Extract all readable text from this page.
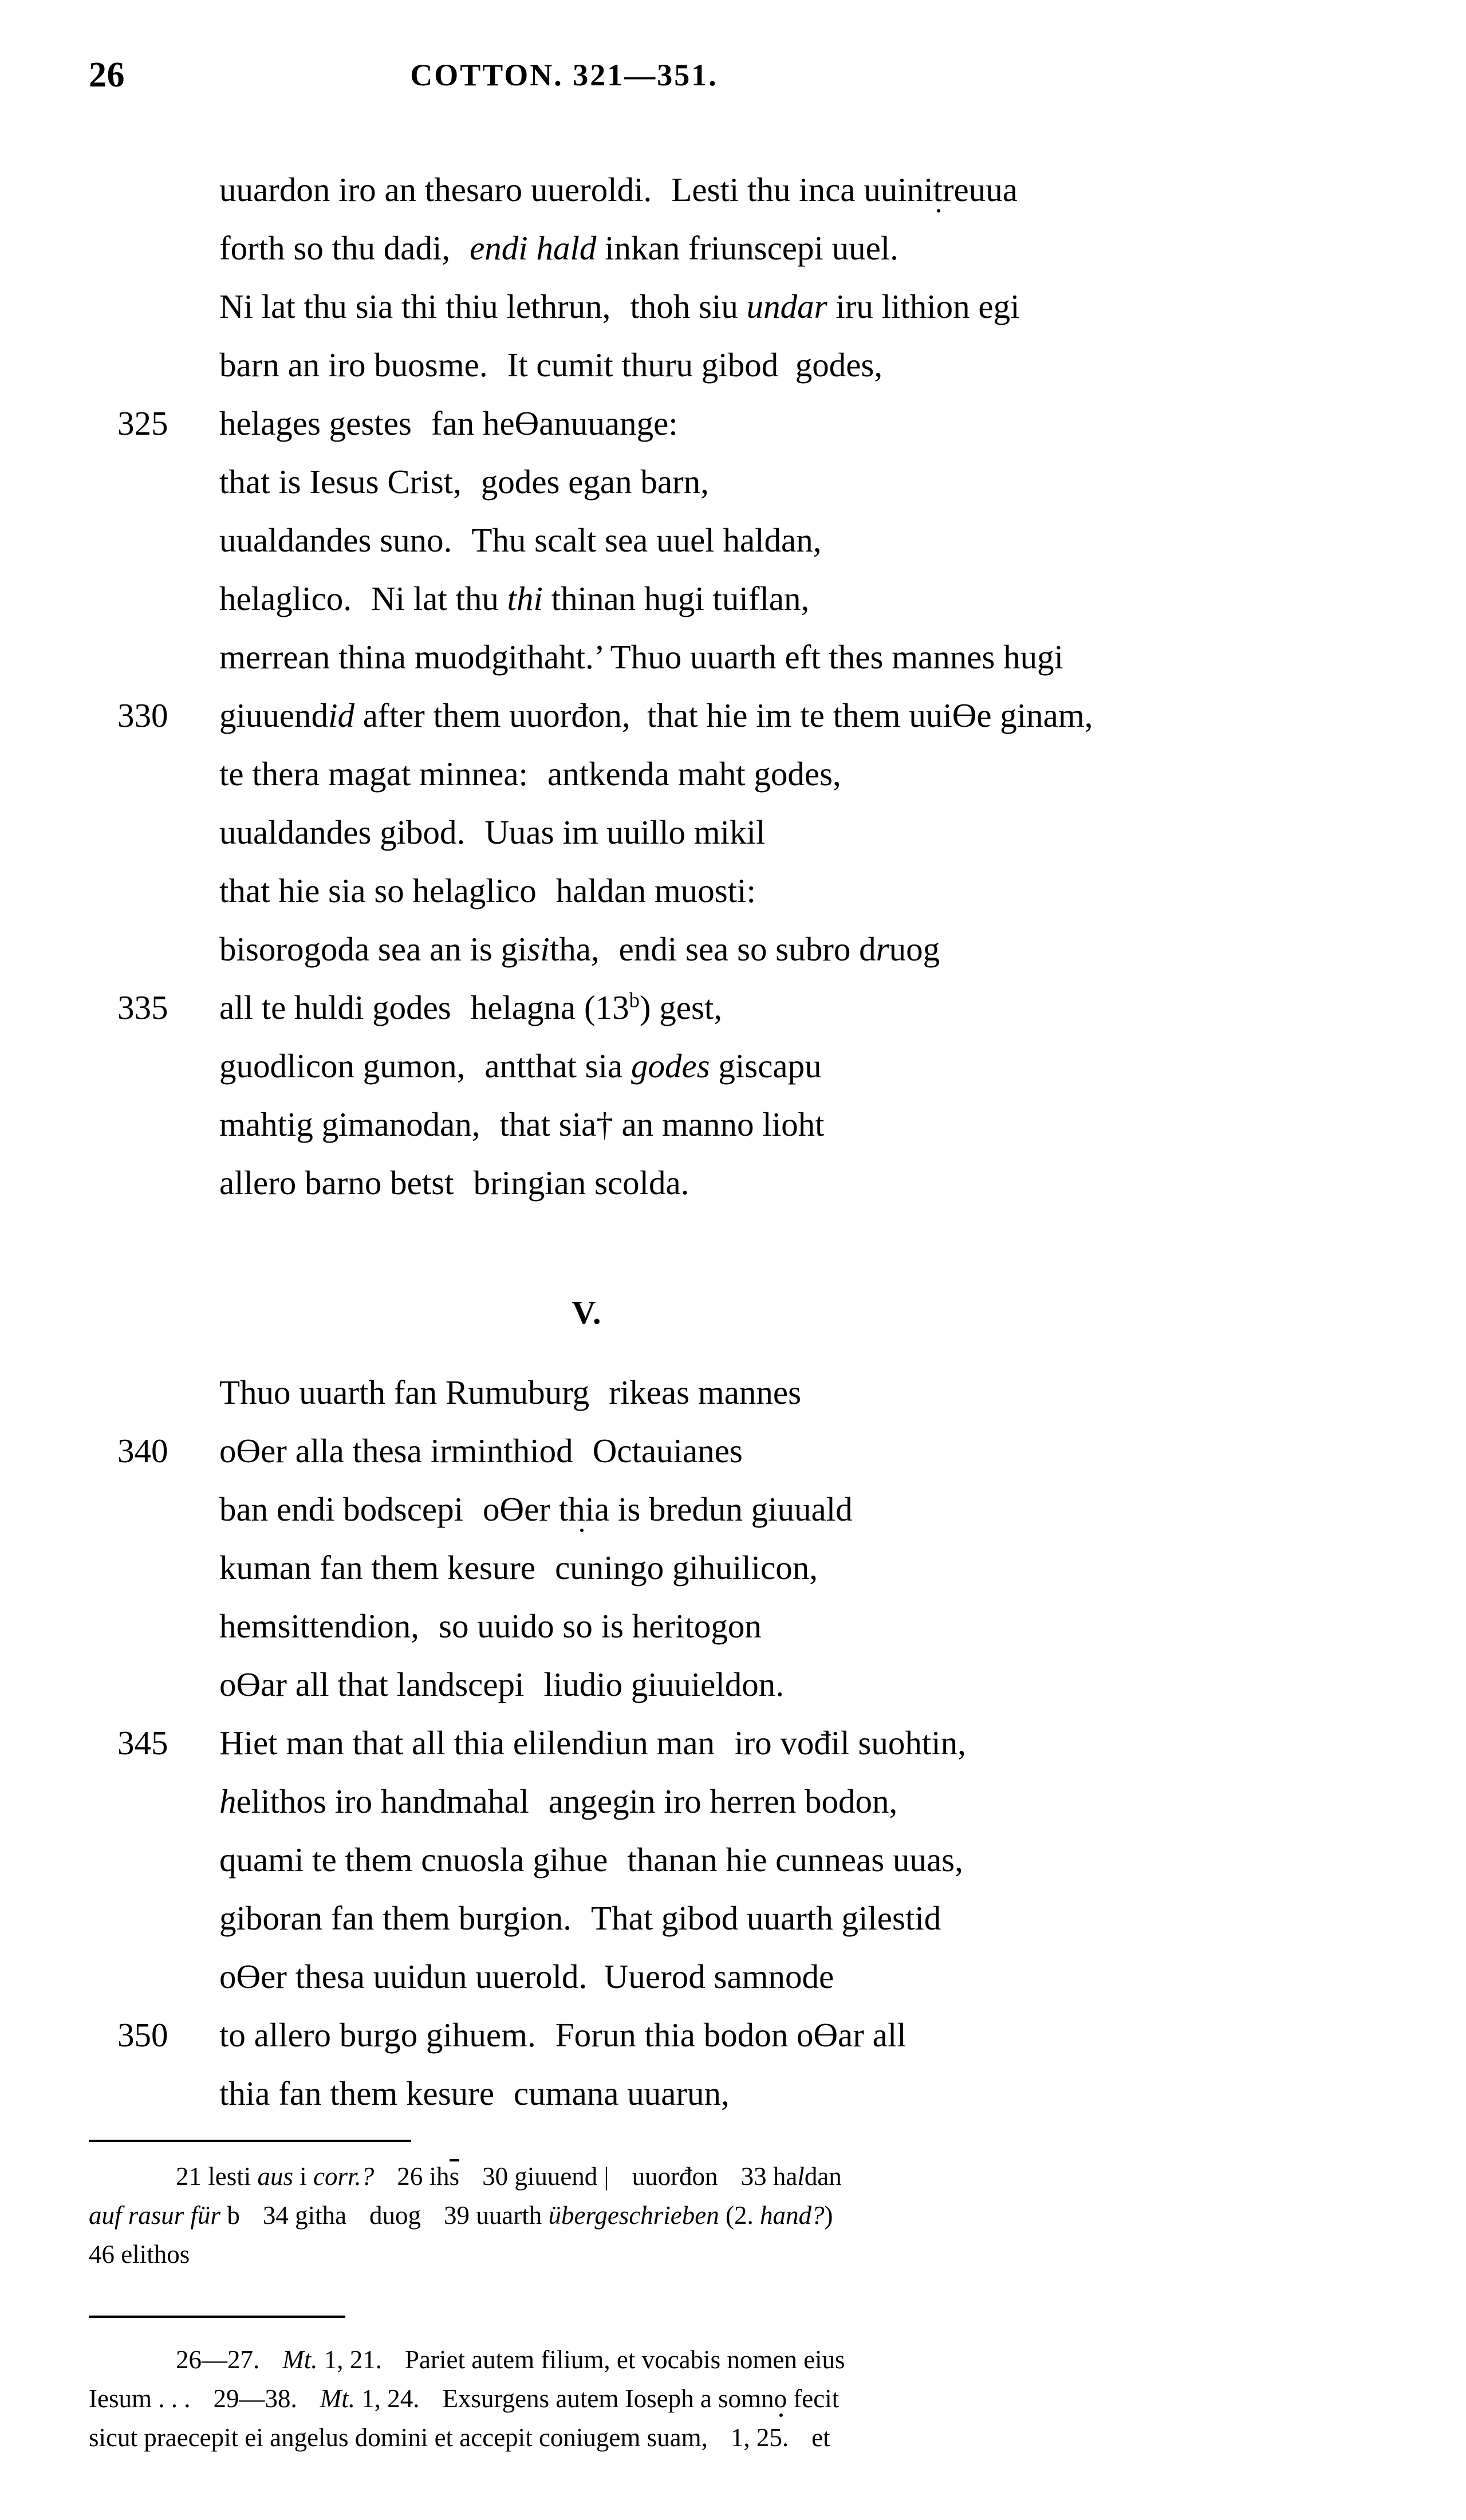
26	COTTON. 321—351.
uuardon iro an thesaro uueroldi. Lesti thu inca uuinitreuua
forth so thu dadi, endi hald inkan friunscepi uuel.
Ni lat thu sia thi thiu lethrun, thoh siu undar iru lithion egi
barn an iro buosme. It cumit thuru gibod  godes,
325	helages gestes fan heƟanuuange:
that is Iesus Crist, godes egan barn,
uualdandes suno. Thu scalt sea uuel haldan,
helaglico. Ni lat thu thi thinan hugi tuiflan,
merrean thina muodgithaht.’ Thuo uuarth eft thes mannes hugi
330	giuuendid after them uuorđon,  that hie im te them uuiƟe ginam,
te thera magat minnea: antkenda maht godes,
uualdandes gibod. Uuas im uuillo mikil
that hie sia so helaglico haldan muosti:
bisorogoda sea an is gisitha, endi sea so subro druog
335	all te huldi godes helagna (13$^b$) gest,
guodlicon gumon, antthat sia godes giscapu
mahtig gimanodan, that sia† an manno lioht
allero barno betst bringian scolda.
V.
Thuo uuarth fan Rumuburg rikeas mannes
340	oƟer alla thesa irminthiod Octauianes
ban endi bodscepi oƟer thia is bredun giuuald
kuman fan them kesure cuningo gihuilicon,
hemsittendion, so uuido so is heritogon
oƟar all that landscepi liudio giuuieldon.
345	Hiet man that all thia elilendiun man iro vođil suohtin,
helithos iro handmahal angegin iro herren bodon,
quami te them cnuosla gihue thanan hie cunneas uuas,
giboran fan them burgion. That gibod uuarth gilestid
oƟer thesa uuidun uuerold.  Uuerod samnode
350	to allero burgo gihuem. Forun thia bodon oƟar all
thia fan them kesure cumana uuarun,
21 lesti aus i corr.? 26 ihs 30 giuuend | uuorđon 33 haldan
auf rasur für b 34 githa duog 39 uuarth übergeschrieben (2. hand?)
46 elithos
26—27. Mt. 1, 21. Pariet autem filium, et vocabis nomen eius
Iesum . . . 29—38. Mt. 1, 24. Exsurgens autem Ioseph a somno fecit
sicut praecepit ei angelus domini et accepit coniugem suam, 1, 25. et
